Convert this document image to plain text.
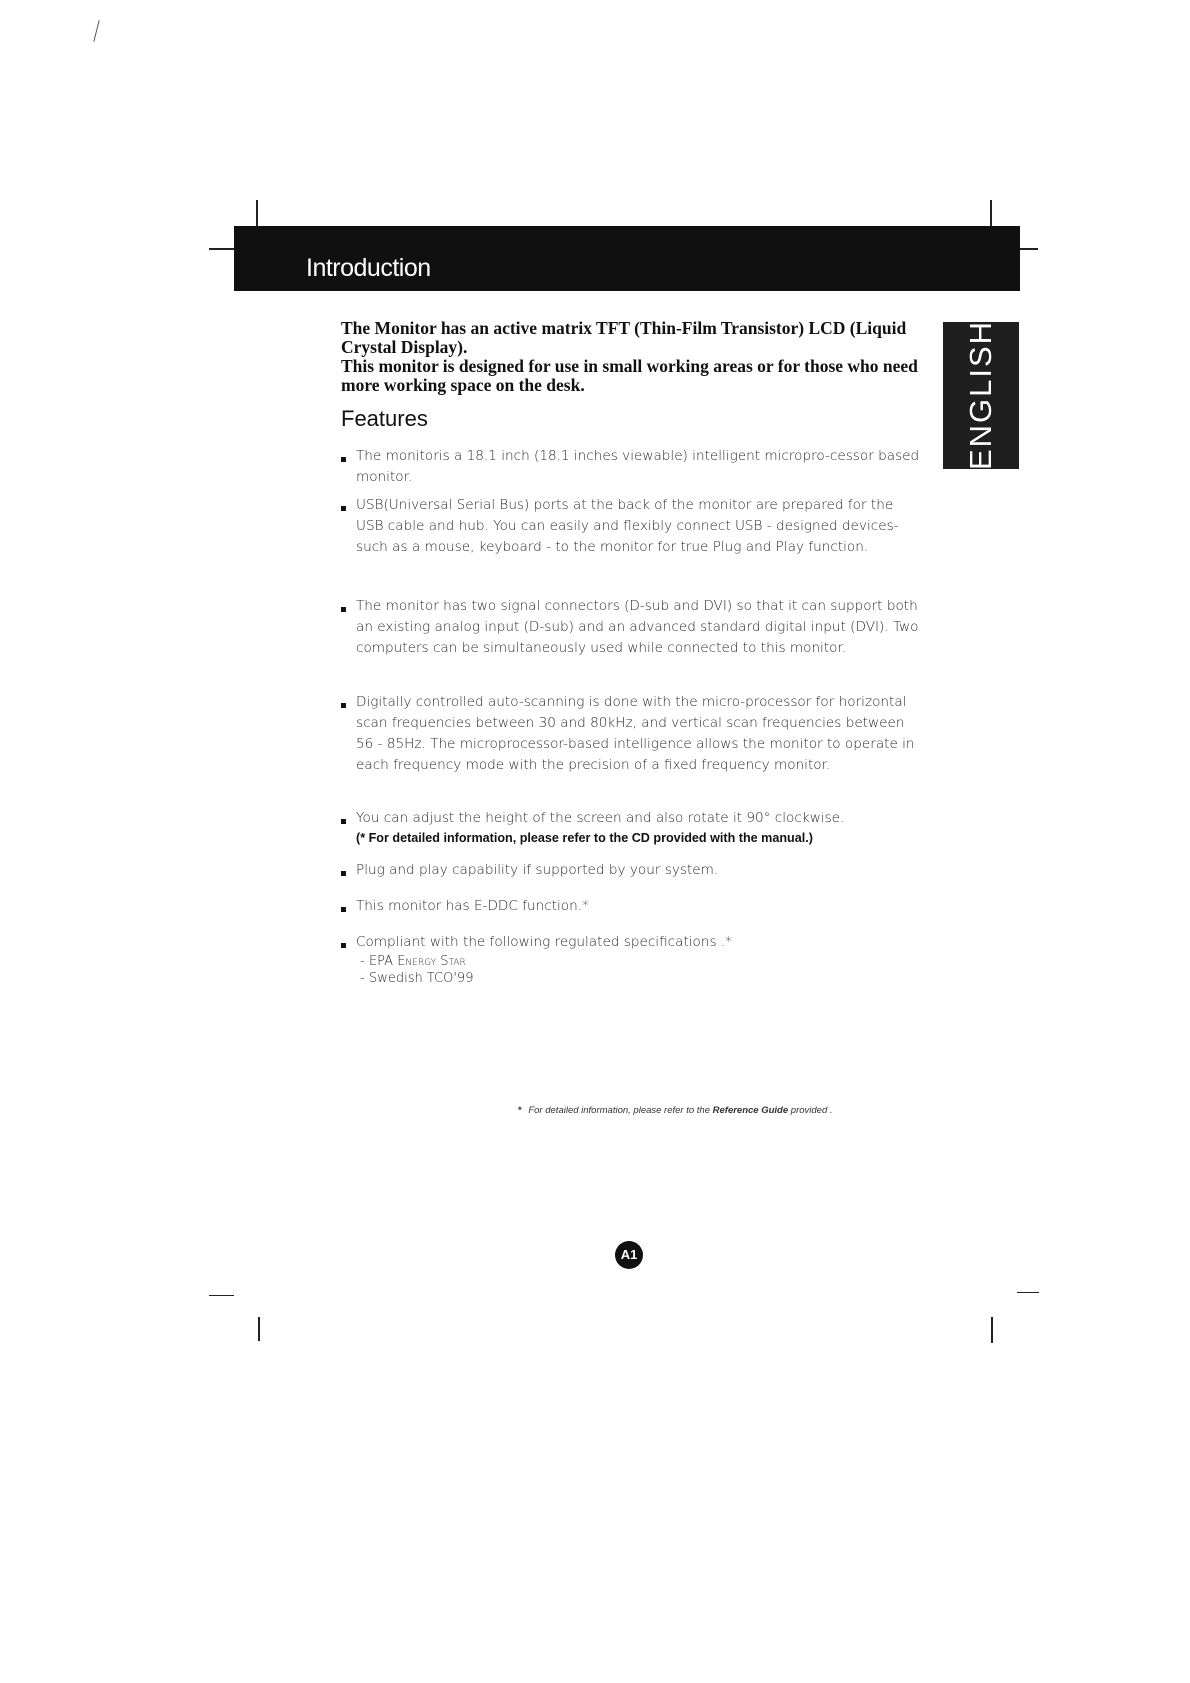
Introduction
ENGLISH

The Monitor has an active matrix TFT (Thin-Film Transistor) LCD (Liquid Crystal Display).

This monitor is designed for use in small working areas or for those who need more working space on the desk.

Features
The monitoris a 18.1 inch (18.1 inches viewable) intelligent micropro-cessor based monitor.
USB(Universal Serial Bus) ports at the back of the monitor are prepared for the USB cable and hub. You can easily and flexibly connect USB - designed devices-such as a mouse, keyboard - to the monitor for true Plug and Play function.
The monitor has two signal connectors (D-sub and DVI) so that it can support both an existing analog input (D-sub) and an advanced standard digital input (DVI). Two computers can be simultaneously used while connected to this monitor.
Digitally controlled auto-scanning is done with the micro-processor for horizontal scan frequencies between 30 and 80kHz, and vertical scan frequencies between 56 - 85Hz. The microprocessor-based intelligence allows the monitor to operate in each frequency mode with the precision of a fixed frequency monitor.
You can adjust the height of the screen and also rotate it 90° clockwise.
(* For detailed information, please refer to the CD provided with the manual.)
Plug and play capability if supported by your system.
This monitor has E-DDC function.*
Compliant with the following regulated specifications .*
- EPA Energy Star
- Swedish TCO'99
* For detailed information, please refer to the Reference Guide provided .
A1
